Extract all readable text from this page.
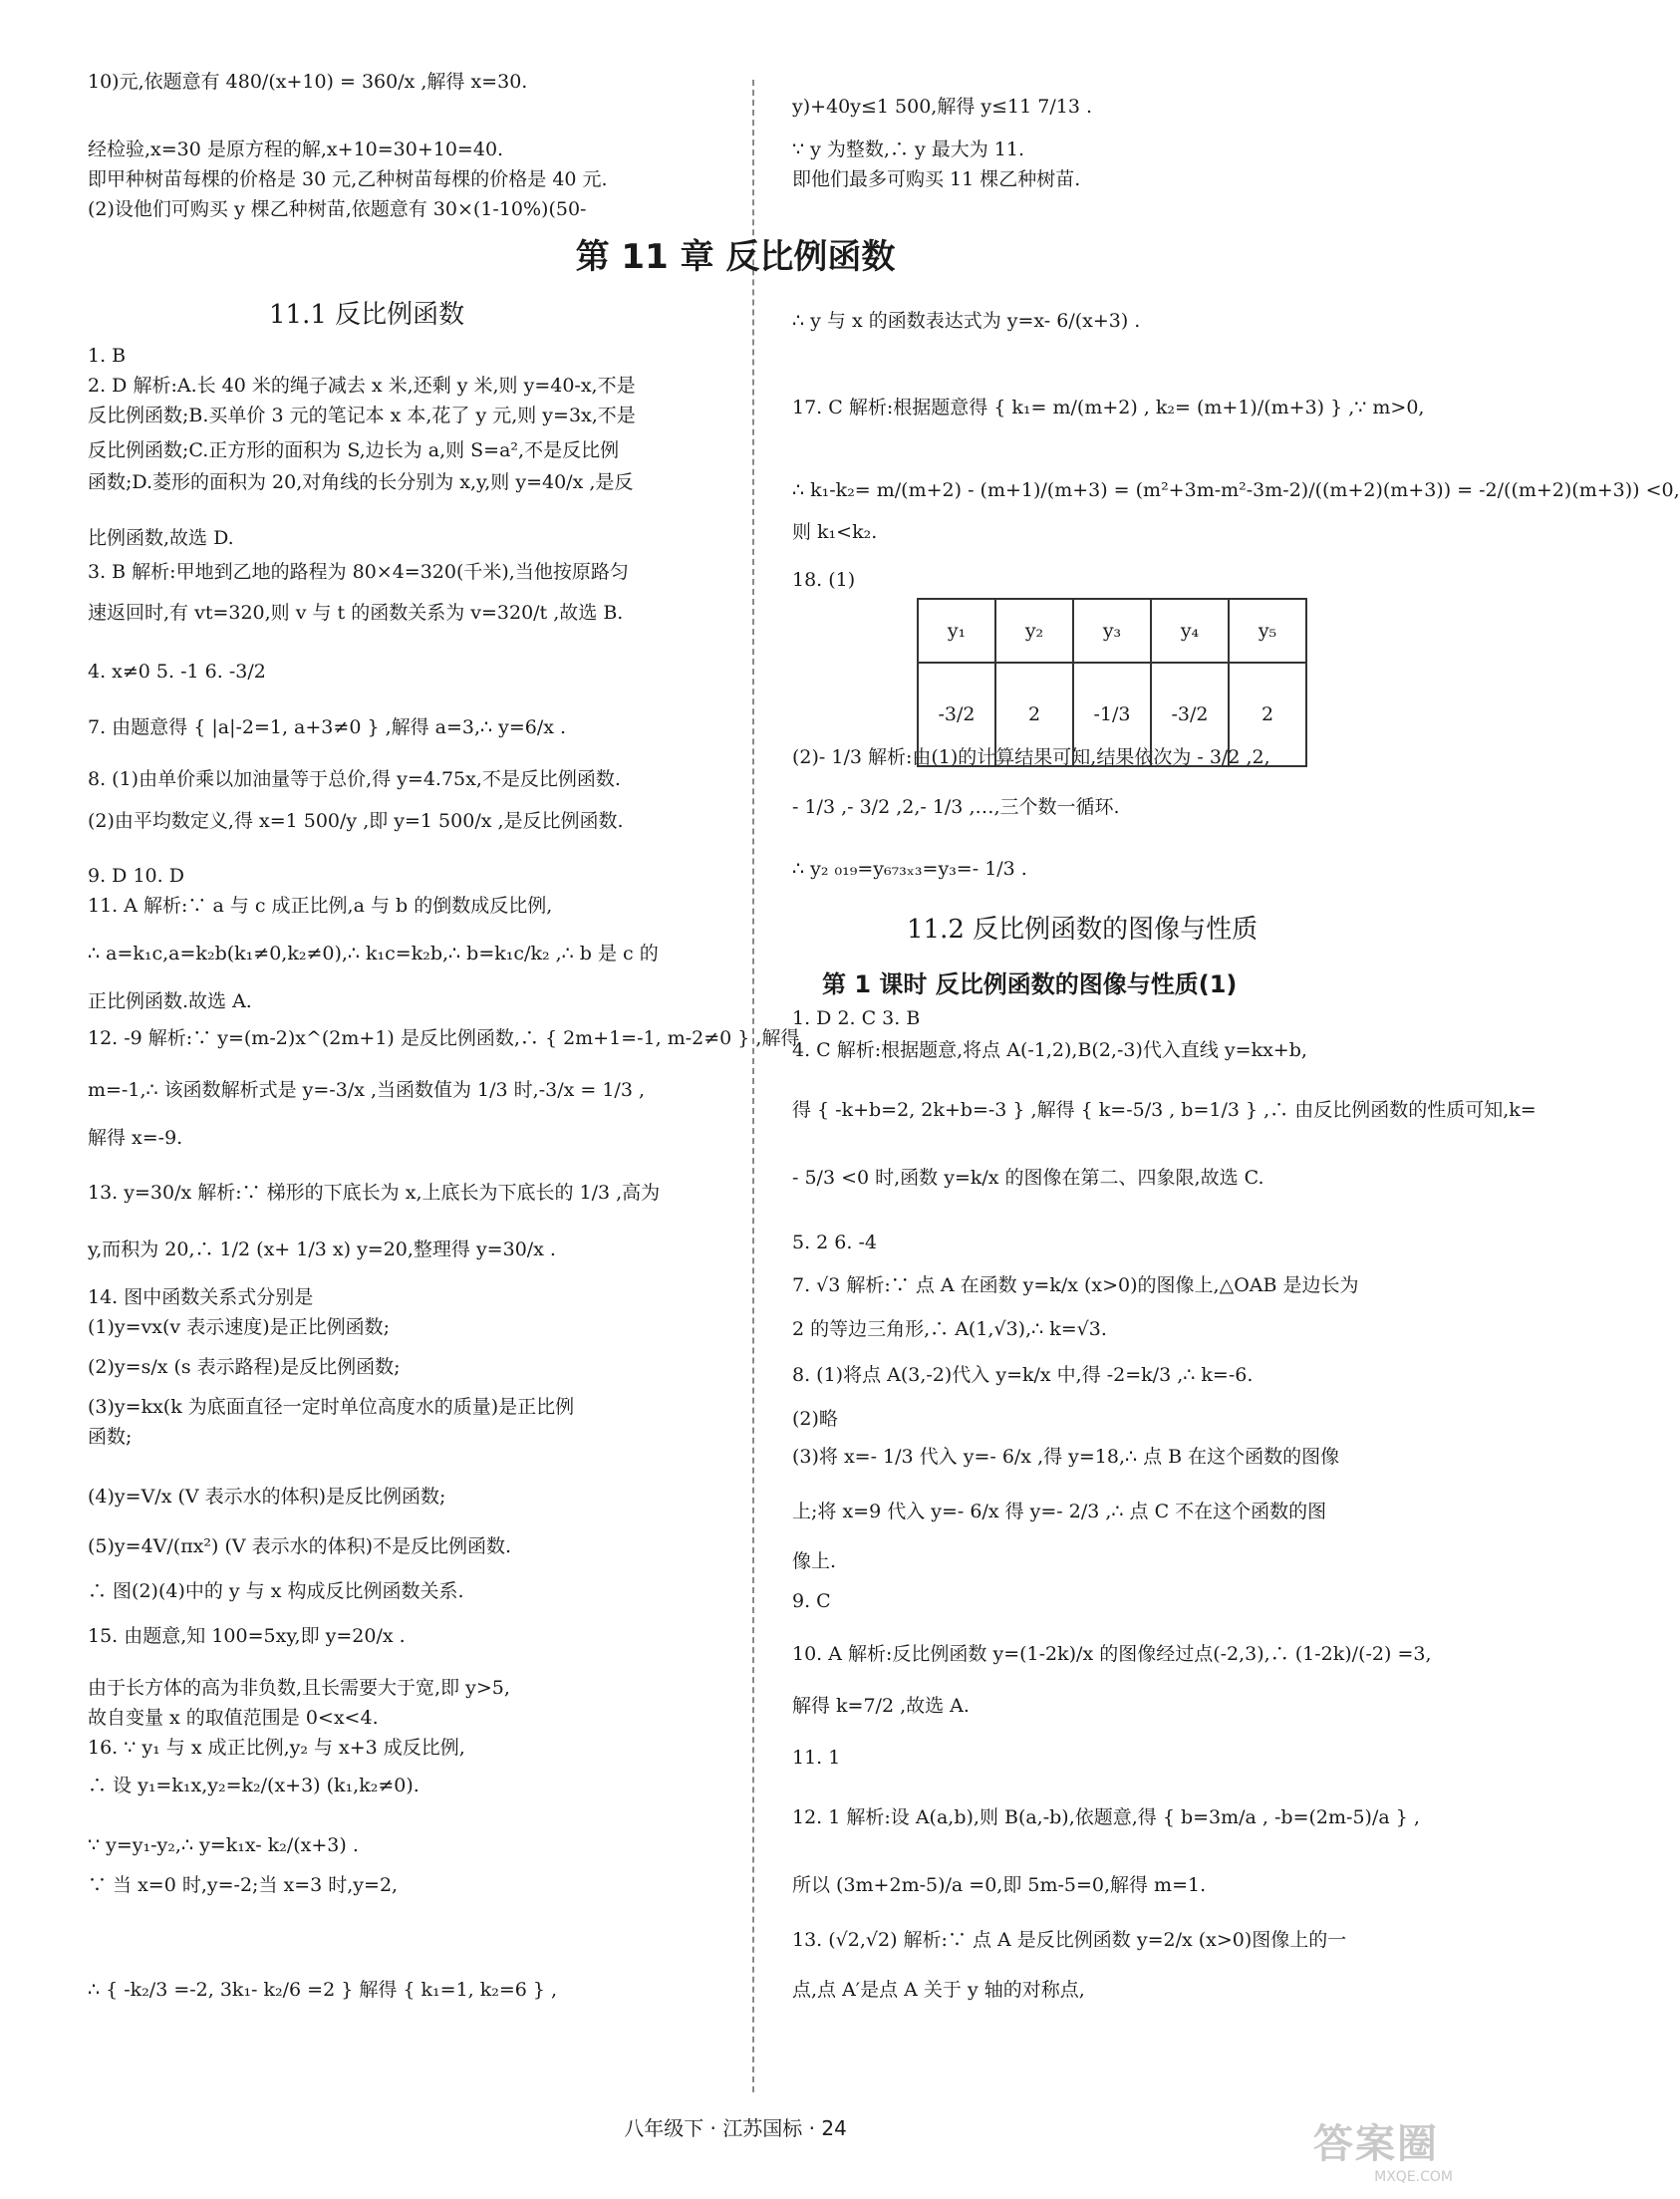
10)元,依题意有 480/(x+10) = 360/x ,解得 x=30.
经检验,x=30 是原方程的解,x+10=30+10=40.
即甲种树苗每棵的价格是 30 元,乙种树苗每棵的价格是 40 元.
(2)设他们可购买 y 棵乙种树苗,依题意有 30×(1-10%)(50-
y)+40y≤1 500,解得 y≤11 7/13 .
∵ y 为整数,∴ y 最大为 11.
即他们最多可购买 11 棵乙种树苗.
第 11 章 反比例函数
11.1 反比例函数
1. B
2. D 解析:A.长 40 米的绳子减去 x 米,还剩 y 米,则 y=40-x,不是
反比例函数;B.买单价 3 元的笔记本 x 本,花了 y 元,则 y=3x,不是
反比例函数;C.正方形的面积为 S,边长为 a,则 S=a²,不是反比例
函数;D.菱形的面积为 20,对角线的长分别为 x,y,则 y=40/x ,是反
比例函数,故选 D.
3. B 解析:甲地到乙地的路程为 80×4=320(千米),当他按原路匀
速返回时,有 vt=320,则 v 与 t 的函数关系为 v=320/t ,故选 B.
4. x≠0 5. -1 6. -3/2
7. 由题意得 { |a|-2=1, a+3≠0 } ,解得 a=3,∴ y=6/x .
8. (1)由单价乘以加油量等于总价,得 y=4.75x,不是反比例函数.
(2)由平均数定义,得 x=1 500/y ,即 y=1 500/x ,是反比例函数.
9. D 10. D
11. A 解析:∵ a 与 c 成正比例,a 与 b 的倒数成反比例,
∴ a=k₁c,a=k₂b(k₁≠0,k₂≠0),∴ k₁c=k₂b,∴ b=k₁c/k₂ ,∴ b 是 c 的
正比例函数.故选 A.
12. -9 解析:∵ y=(m-2)x^(2m+1) 是反比例函数,∴ { 2m+1=-1, m-2≠0 } ,解得
m=-1,∴ 该函数解析式是 y=-3/x ,当函数值为 1/3 时,-3/x = 1/3 ,
解得 x=-9.
13. y=30/x 解析:∵ 梯形的下底长为 x,上底长为下底长的 1/3 ,高为
y,而积为 20,∴ 1/2 (x+ 1/3 x) y=20,整理得 y=30/x .
14. 图中函数关系式分别是
(1)y=vx(v 表示速度)是正比例函数;
(2)y=s/x (s 表示路程)是反比例函数;
(3)y=kx(k 为底面直径一定时单位高度水的质量)是正比例
函数;
(4)y=V/x (V 表示水的体积)是反比例函数;
(5)y=4V/(πx²) (V 表示水的体积)不是反比例函数.
∴ 图(2)(4)中的 y 与 x 构成反比例函数关系.
15. 由题意,知 100=5xy,即 y=20/x .
由于长方体的高为非负数,且长需要大于宽,即 y>5,
故自变量 x 的取值范围是 0<x<4.
16. ∵ y₁ 与 x 成正比例,y₂ 与 x+3 成反比例,
∴ 设 y₁=k₁x,y₂=k₂/(x+3) (k₁,k₂≠0).
∵ y=y₁-y₂,∴ y=k₁x- k₂/(x+3) .
∵ 当 x=0 时,y=-2;当 x=3 时,y=2,
∴ { -k₂/3 =-2, 3k₁- k₂/6 =2 } 解得 { k₁=1, k₂=6 } ,
∴ y 与 x 的函数表达式为 y=x- 6/(x+3) .
17. C 解析:根据题意得 { k₁= m/(m+2) , k₂= (m+1)/(m+3) } ,∵ m>0,
∴ k₁-k₂= m/(m+2) - (m+1)/(m+3) = (m²+3m-m²-3m-2)/((m+2)(m+3)) = -2/((m+2)(m+3)) <0,
则 k₁<k₂.
18. (1)
(2)- 1/3 解析:由(1)的计算结果可知,结果依次为 - 3/2 ,2,
- 1/3 ,- 3/2 ,2,- 1/3 ,…,三个数一循环.
∴ y₂ ₀₁₉=y₆₇₃ₓ₃=y₃=- 1/3 .
y₁	y₂	y₃	y₄	y₅
-3/2	2	-1/3	-3/2	2
11.2 反比例函数的图像与性质
第 1 课时 反比例函数的图像与性质(1)
1. D 2. C 3. B
4. C 解析:根据题意,将点 A(-1,2),B(2,-3)代入直线 y=kx+b,
得 { -k+b=2, 2k+b=-3 } ,解得 { k=-5/3 , b=1/3 } ,∴ 由反比例函数的性质可知,k=
- 5/3 <0 时,函数 y=k/x 的图像在第二、四象限,故选 C.
5. 2 6. -4
7. √3 解析:∵ 点 A 在函数 y=k/x (x>0)的图像上,△OAB 是边长为
2 的等边三角形,∴ A(1,√3),∴ k=√3.
8. (1)将点 A(3,-2)代入 y=k/x 中,得 -2=k/3 ,∴ k=-6.
(2)略
(3)将 x=- 1/3 代入 y=- 6/x ,得 y=18,∴ 点 B 在这个函数的图像
上;将 x=9 代入 y=- 6/x 得 y=- 2/3 ,∴ 点 C 不在这个函数的图
像上.
9. C
10. A 解析:反比例函数 y=(1-2k)/x 的图像经过点(-2,3),∴ (1-2k)/(-2) =3,
解得 k=7/2 ,故选 A.
11. 1
12. 1 解析:设 A(a,b),则 B(a,-b),依题意,得 { b=3m/a , -b=(2m-5)/a } ,
所以 (3m+2m-5)/a =0,即 5m-5=0,解得 m=1.
13. (√2,√2) 解析:∵ 点 A 是反比例函数 y=2/x (x>0)图像上的一
点,点 A′是点 A 关于 y 轴的对称点,
八年级下 · 江苏国标 · 24	答案圈
MXQE.COM
